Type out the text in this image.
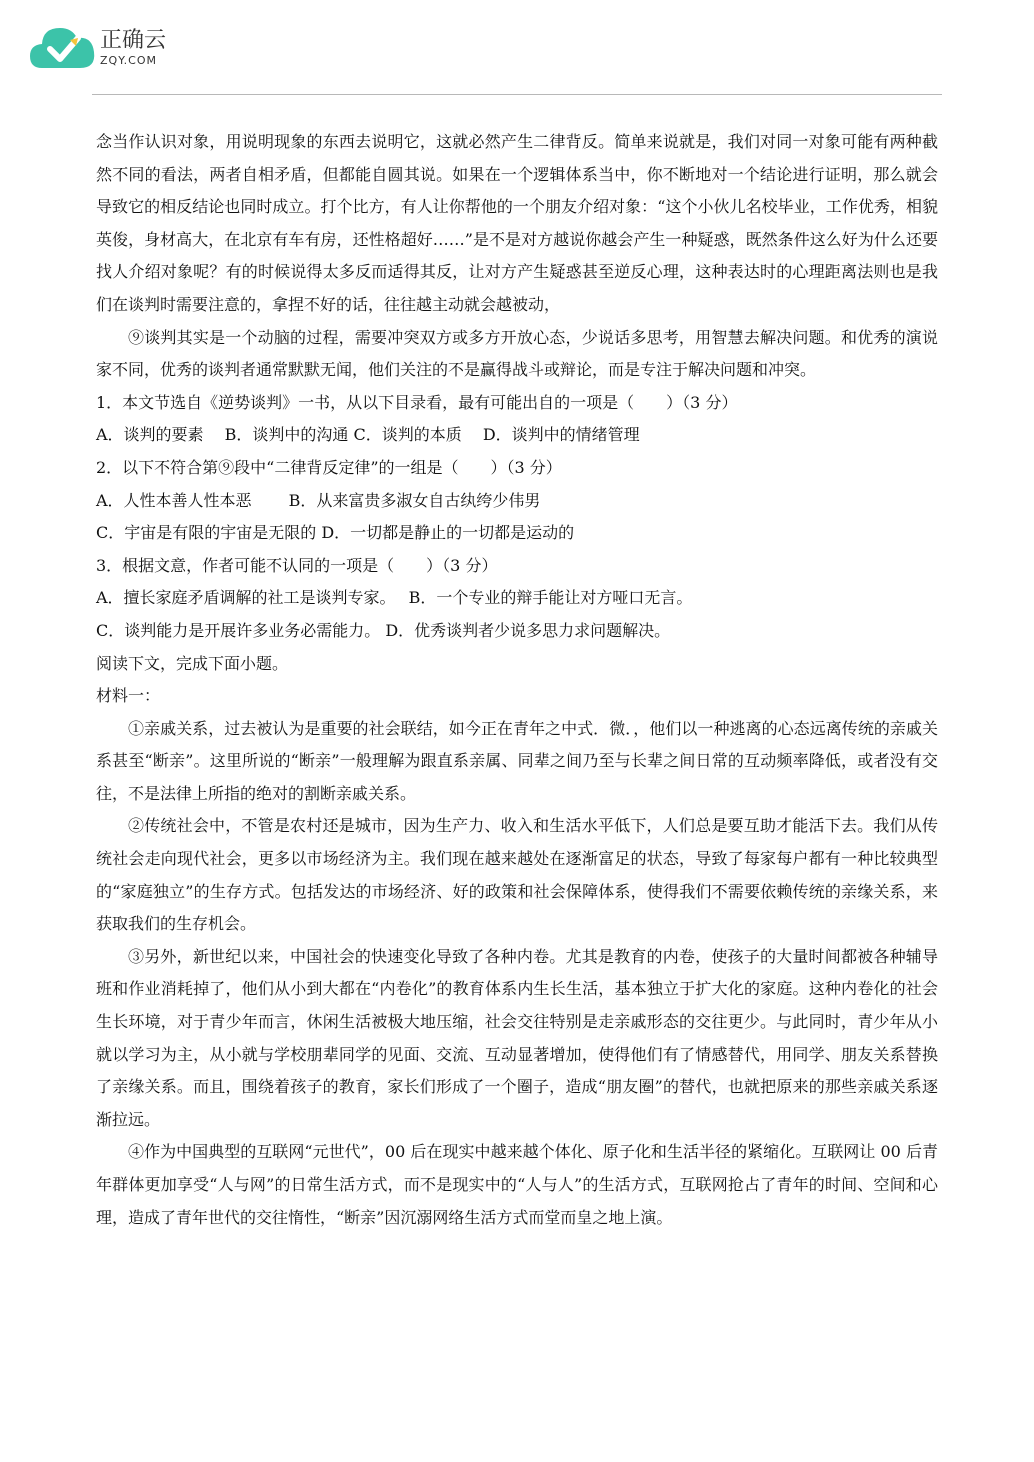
正确云
ZQY.COM

念当作认识对象，用说明现象的东西去说明它，这就必然产生二律背反。简单来说就是，我们对同一对象可能有两种截然不同的看法，两者自相矛盾，但都能自圆其说。如果在一个逻辑体系当中，你不断地对一个结论进行证明，那么就会导致它的相反结论也同时成立。打个比方，有人让你帮他的一个朋友介绍对象：“这个小伙儿名校毕业，工作优秀，相貌英俊，身材高大，在北京有车有房，还性格超好……”是不是对方越说你越会产生一种疑惑，既然条件这么好为什么还要找人介绍对象呢？有的时候说得太多反而适得其反，让对方产生疑惑甚至逆反心理，这种表达时的心理距离法则也是我们在谈判时需要注意的，拿捏不好的话，往往越主动就会越被动，

⑨谈判其实是一个动脑的过程，需要冲突双方或多方开放心态，少说话多思考，用智慧去解决问题。和优秀的演说家不同，优秀的谈判者通常默默无闻，他们关注的不是赢得战斗或辩论，而是专注于解决问题和冲突。

1．本文节选自《逆势谈判》一书，从以下目录看，最有可能出自的一项是（　　）（3 分）
A．谈判的要素　 B．谈判中的沟通 C．谈判的本质　 D．谈判中的情绪管理
2．以下不符合第⑨段中“二律背反定律”的一组是（　　）（3 分）
A．人性本善人性本恶　　 B．从来富贵多淑女自古纨绔少伟男
C．宇宙是有限的宇宙是无限的 D．一切都是静止的一切都是运动的
3．根据文意，作者可能不认同的一项是（　　）（3 分）
A．擅长家庭矛盾调解的社工是谈判专家。　 B．一个专业的辩手能让对方哑口无言。
C．谈判能力是开展许多业务必需能力。 D．优秀谈判者少说多思力求问题解决。
阅读下文，完成下面小题。
材料一：

①亲戚关系，过去被认为是重要的社会联结，如今正在青年之中式．微．，他们以一种逃离的心态远离传统的亲戚关系甚至“断亲”。这里所说的“断亲”一般理解为跟直系亲属、同辈之间乃至与长辈之间日常的互动频率降低，或者没有交往，不是法律上所指的绝对的割断亲戚关系。

②传统社会中，不管是农村还是城市，因为生产力、收入和生活水平低下，人们总是要互助才能活下去。我们从传统社会走向现代社会，更多以市场经济为主。我们现在越来越处在逐渐富足的状态，导致了每家每户都有一种比较典型的“家庭独立”的生存方式。包括发达的市场经济、好的政策和社会保障体系，使得我们不需要依赖传统的亲缘关系，来获取我们的生存机会。

③另外，新世纪以来，中国社会的快速变化导致了各种内卷。尤其是教育的内卷，使孩子的大量时间都被各种辅导班和作业消耗掉了，他们从小到大都在“内卷化”的教育体系内生长生活，基本独立于扩大化的家庭。这种内卷化的社会生长环境，对于青少年而言，休闲生活被极大地压缩，社会交往特别是走亲戚形态的交往更少。与此同时，青少年从小就以学习为主，从小就与学校朋辈同学的见面、交流、互动显著增加，使得他们有了情感替代，用同学、朋友关系替换了亲缘关系。而且，围绕着孩子的教育，家长们形成了一个圈子，造成“朋友圈”的替代，也就把原来的那些亲戚关系逐渐拉远。

④作为中国典型的互联网“元世代”，00 后在现实中越来越个体化、原子化和生活半径的紧缩化。互联网让 00 后青年群体更加享受“人与网”的日常生活方式，而不是现实中的“人与人”的生活方式，互联网抢占了青年的时间、空间和心理，造成了青年世代的交往惰性，“断亲”因沉溺网络生活方式而堂而皇之地上演。
